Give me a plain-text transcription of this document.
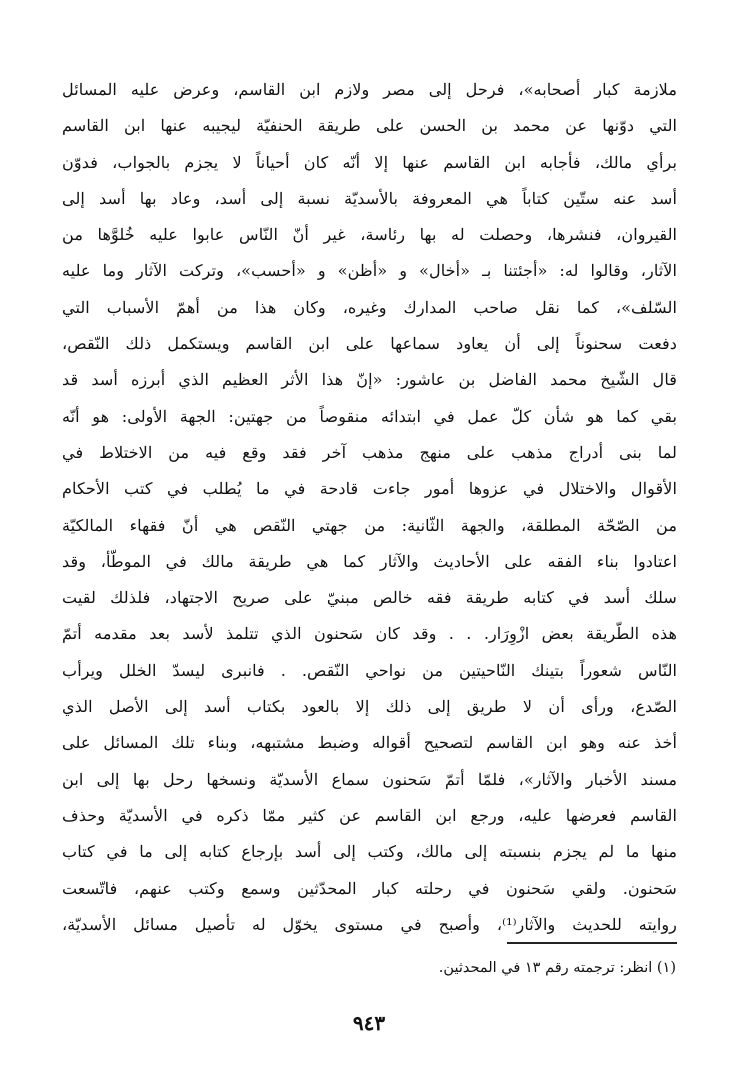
ملازمة كبار أصحابه»، فرحل إلى مصر ولازم ابن القاسم، وعرض عليه المسائل
التي دوّنها عن محمد بن الحسن على طريقة الحنفيّة ليجيبه عنها ابن القاسم
برأي مالك، فأجابه ابن القاسم عنها إلا أنّه كان أحياناً لا يجزم بالجواب، فدوّن
أسد عنه ستّين كتاباً هي المعروفة بالأسديّة نسبة إلى أسد، وعاد بها أسد إلى
القيروان، فنشرها، وحصلت له بها رئاسة، غير أنّ النّاس عابوا عليه خُلوَّها من
الآثار، وقالوا له: «أجئتنا بـ «أخال» و «أظن» و «أحسب»، وتركت الآثار وما عليه
السّلف»، كما نقل صاحب المدارك وغيره، وكان هذا من أهمّ الأسباب التي
دفعت سحنوناً إلى أن يعاود سماعها على ابن القاسم ويستكمل ذلك النّقص،
قال الشّيخ محمد الفاضل بن عاشور: «إنّ هذا الأثر العظيم الذي أبرزه أسد قد
بقي كما هو شأن كلّ عمل في ابتدائه منقوصاً من جهتين: الجهة الأولى: هو أنّه
لما بنى أدراج مذهب على منهج مذهب آخر فقد وقع فيه من الاختلاط في
الأقوال والاختلال في عزوها أمور جاءت قادحة في ما يُطلب في كتب الأحكام
من الصّحّة المطلقة، والجهة الثّانية: من جهتي النّقص هي أنّ فقهاء المالكيّة
اعتادوا بناء الفقه على الأحاديث والآثار كما هي طريقة مالك في الموطّأ، وقد
سلك أسد في كتابه طريقة فقه خالص مبنيّ على صريح الاجتهاد، فلذلك لقيت
هذه الطّريقة بعض ازْوِرَار. . . وقد كان سَحنون الذي تتلمذ لأسد بعد مقدمه أتمّ
النّاس شعوراً بتينك النّاحيتين من نواحي النّقص. . فانبرى ليسدّ الخلل ويرأب
الصّدع، ورأى أن لا طريق إلى ذلك إلا بالعود بكتاب أسد إلى الأصل الذي
أخذ عنه وهو ابن القاسم لتصحيح أقواله وضبط مشتبهه، وبناء تلك المسائل على
مسند الأخبار والآثار»، فلمّا أتمّ سَحنون سماع الأسديّة ونسخها رحل بها إلى ابن
القاسم فعرضها عليه، ورجع ابن القاسم عن كثير ممّا ذكره في الأسديّة وحذف
منها ما لم يجزم بنسبته إلى مالك، وكتب إلى أسد بإرجاع كتابه إلى ما في كتاب
سَحنون. ولقي سَحنون في رحلته كبار المحدّثين وسمع وكتب عنهم، فاتّسعت
روايته للحديث والآثار⁽¹⁾، وأصبح في مستوى يخوّل له تأصيل مسائل الأسديّة،
(١) انظر: ترجمته رقم ١٣ في المحدثين.
٩٤٣
